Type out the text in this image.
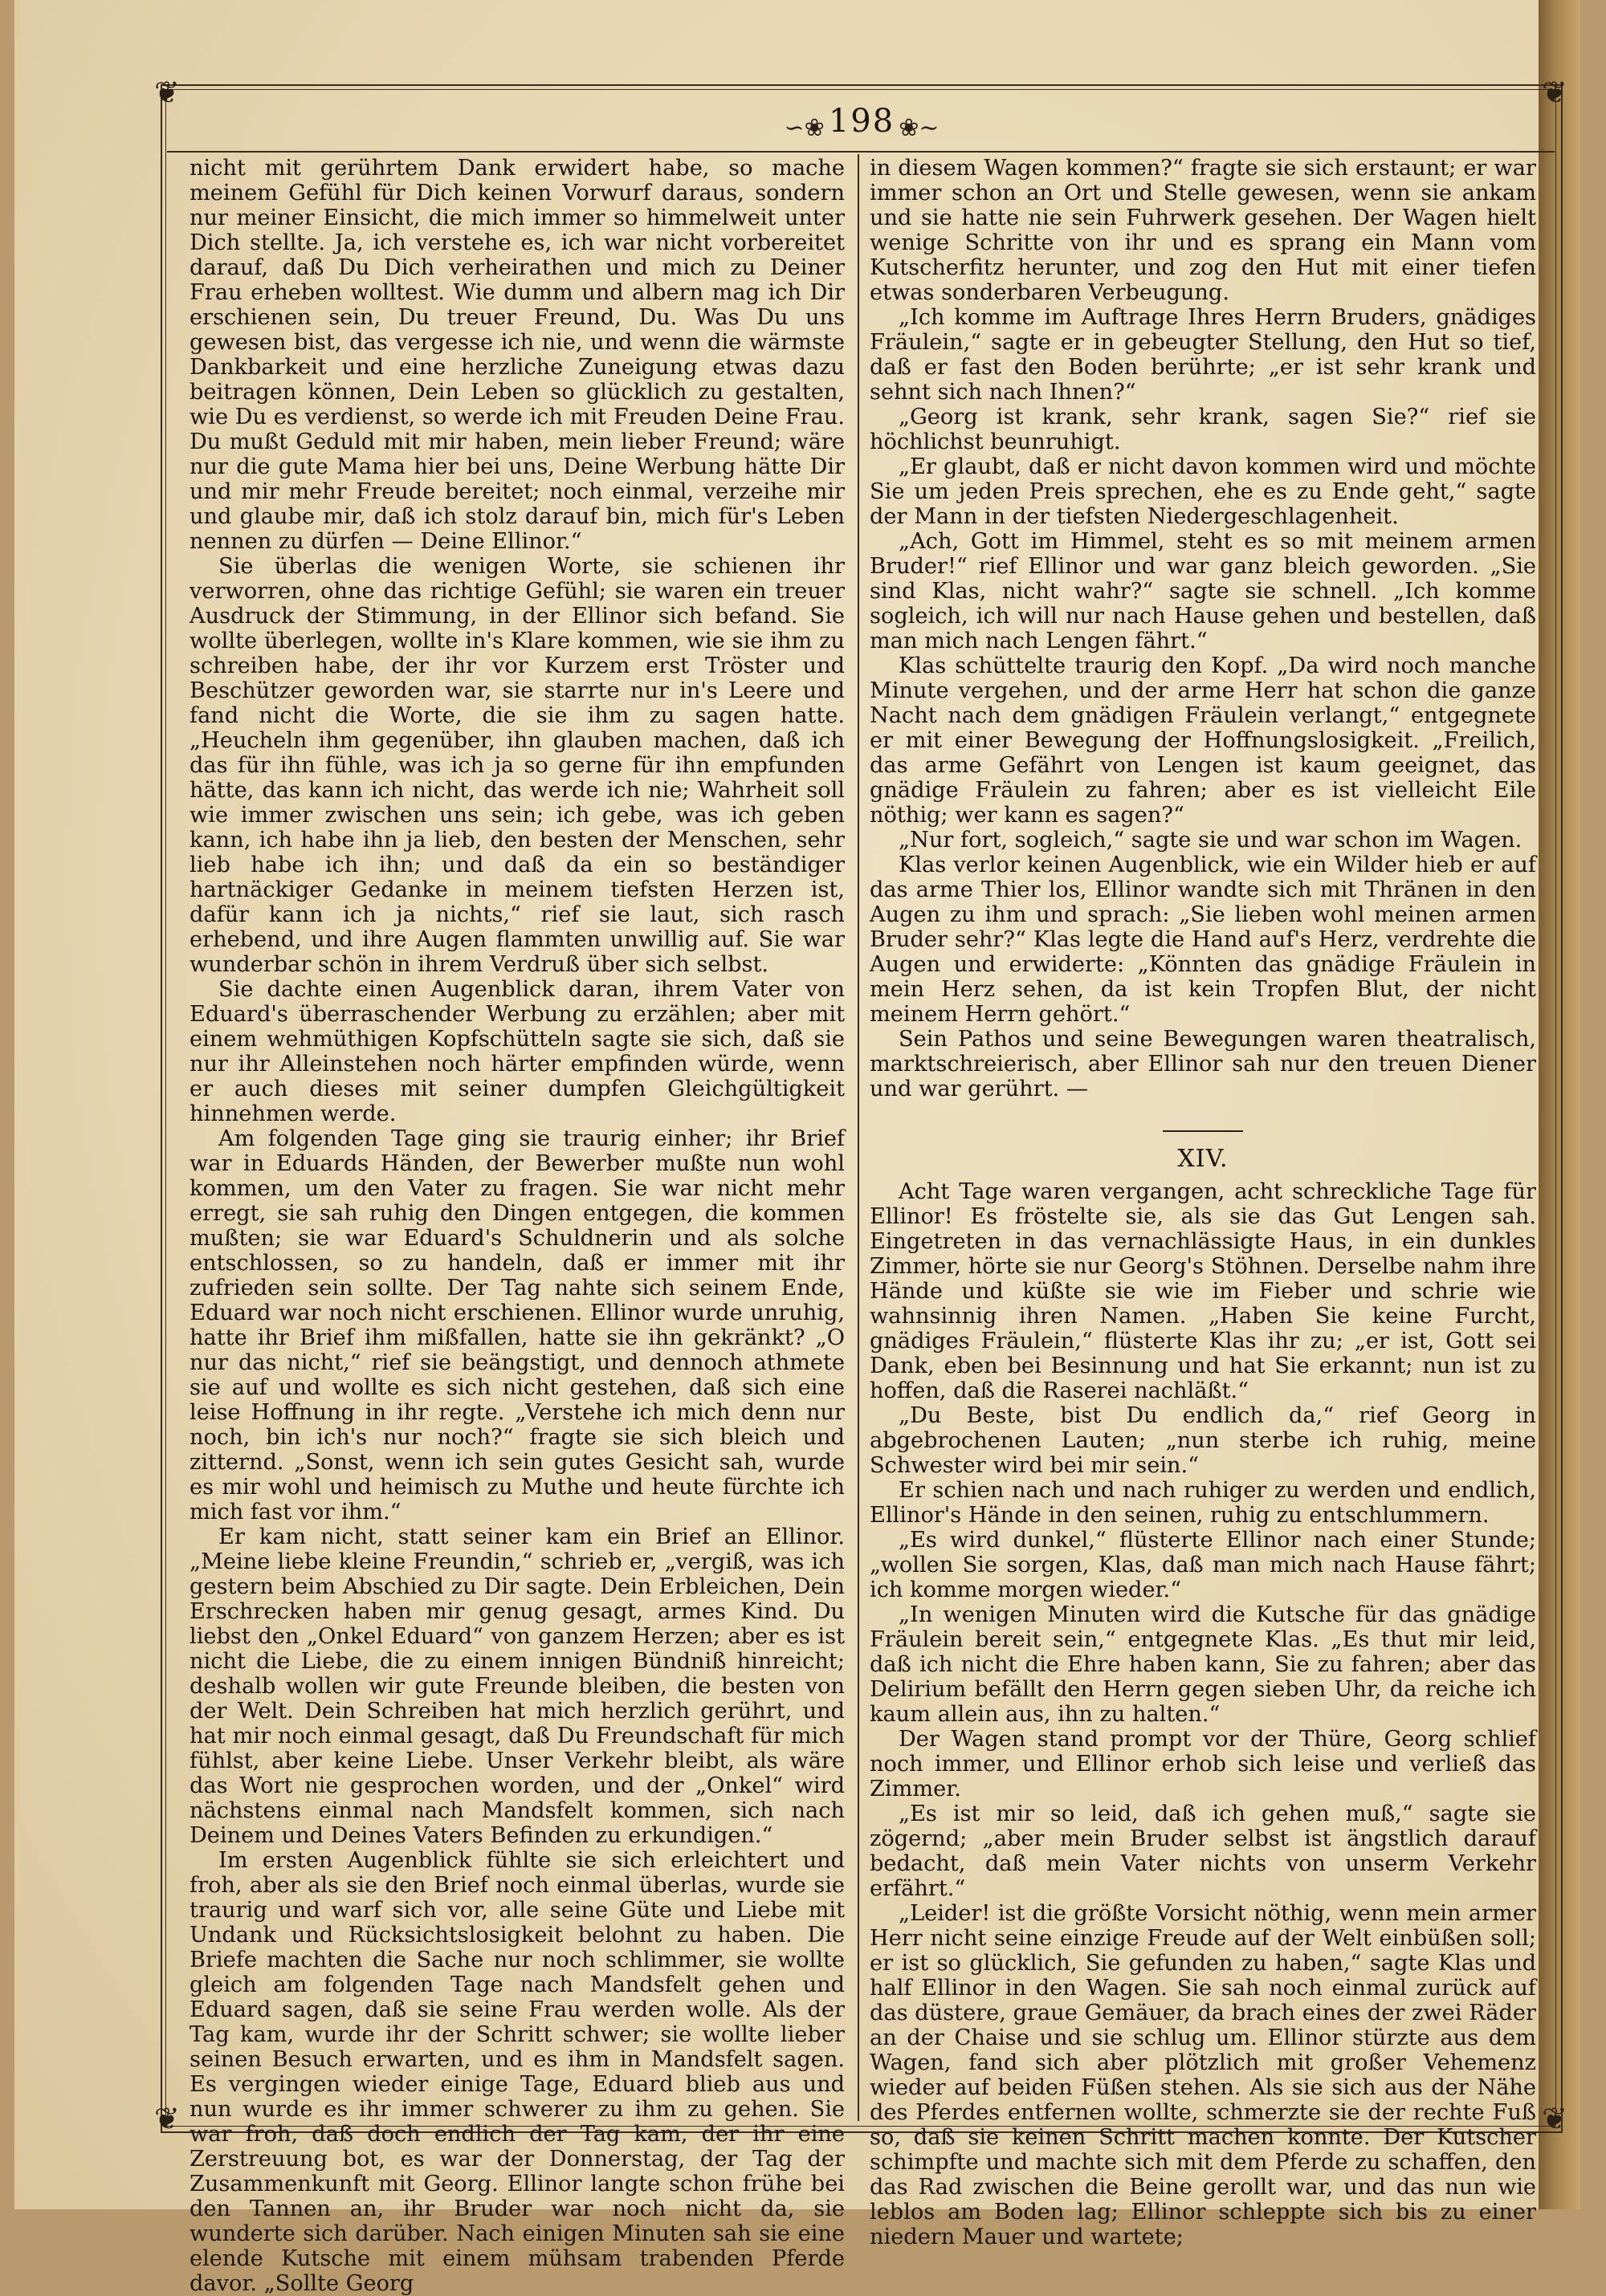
❦	❦
❦	❦
∽❀ 198 ❀∼

nicht mit gerührtem Dank erwidert habe, so mache meinem Gefühl für Dich keinen Vorwurf daraus, sondern nur meiner Einsicht, die mich immer so himmelweit unter Dich stellte. Ja, ich verstehe es, ich war nicht vorbereitet darauf, daß Du Dich verheirathen und mich zu Deiner Frau erheben wolltest. Wie dumm und albern mag ich Dir erschienen sein, Du treuer Freund, Du. Was Du uns gewesen bist, das vergesse ich nie, und wenn die wärmste Dankbarkeit und eine herzliche Zuneigung etwas dazu beitragen können, Dein Leben so glücklich zu gestalten, wie Du es verdienst, so werde ich mit Freuden Deine Frau. Du mußt Geduld mit mir haben, mein lieber Freund; wäre nur die gute Mama hier bei uns, Deine Werbung hätte Dir und mir mehr Freude bereitet; noch einmal, verzeihe mir und glaube mir, daß ich stolz darauf bin, mich für's Leben nennen zu dürfen — Deine Ellinor.“

Sie überlas die wenigen Worte, sie schienen ihr verworren, ohne das richtige Gefühl; sie waren ein treuer Ausdruck der Stimmung, in der Ellinor sich befand. Sie wollte überlegen, wollte in's Klare kommen, wie sie ihm zu schreiben habe, der ihr vor Kurzem erst Tröster und Beschützer geworden war, sie starrte nur in's Leere und fand nicht die Worte, die sie ihm zu sagen hatte. „Heucheln ihm gegenüber, ihn glauben machen, daß ich das für ihn fühle, was ich ja so gerne für ihn empfunden hätte, das kann ich nicht, das werde ich nie; Wahrheit soll wie immer zwischen uns sein; ich gebe, was ich geben kann, ich habe ihn ja lieb, den besten der Menschen, sehr lieb habe ich ihn; und daß da ein so beständiger hartnäckiger Gedanke in meinem tiefsten Herzen ist, dafür kann ich ja nichts,“ rief sie laut, sich rasch erhebend, und ihre Augen flammten unwillig auf. Sie war wunderbar schön in ihrem Verdruß über sich selbst.

Sie dachte einen Augenblick daran, ihrem Vater von Eduard's überraschender Werbung zu erzählen; aber mit einem wehmüthigen Kopfschütteln sagte sie sich, daß sie nur ihr Alleinstehen noch härter empfinden würde, wenn er auch dieses mit seiner dumpfen Gleichgültigkeit hinnehmen werde.

Am folgenden Tage ging sie traurig einher; ihr Brief war in Eduards Händen, der Bewerber mußte nun wohl kommen, um den Vater zu fragen. Sie war nicht mehr erregt, sie sah ruhig den Dingen entgegen, die kommen mußten; sie war Eduard's Schuldnerin und als solche entschlossen, so zu handeln, daß er immer mit ihr zufrieden sein sollte. Der Tag nahte sich seinem Ende, Eduard war noch nicht erschienen. Ellinor wurde unruhig, hatte ihr Brief ihm mißfallen, hatte sie ihn gekränkt? „O nur das nicht,“ rief sie beängstigt, und dennoch athmete sie auf und wollte es sich nicht gestehen, daß sich eine leise Hoffnung in ihr regte. „Verstehe ich mich denn nur noch, bin ich's nur noch?“ fragte sie sich bleich und zitternd. „Sonst, wenn ich sein gutes Gesicht sah, wurde es mir wohl und heimisch zu Muthe und heute fürchte ich mich fast vor ihm.“

Er kam nicht, statt seiner kam ein Brief an Ellinor. „Meine liebe kleine Freundin,“ schrieb er, „vergiß, was ich gestern beim Abschied zu Dir sagte. Dein Erbleichen, Dein Erschrecken haben mir genug gesagt, armes Kind. Du liebst den „Onkel Eduard“ von ganzem Herzen; aber es ist nicht die Liebe, die zu einem innigen Bündniß hinreicht; deshalb wollen wir gute Freunde bleiben, die besten von der Welt. Dein Schreiben hat mich herzlich gerührt, und hat mir noch einmal gesagt, daß Du Freundschaft für mich fühlst, aber keine Liebe. Unser Verkehr bleibt, als wäre das Wort nie gesprochen worden, und der „Onkel“ wird nächstens einmal nach Mandsfelt kommen, sich nach Deinem und Deines Vaters Befinden zu erkundigen.“

Im ersten Augenblick fühlte sie sich erleichtert und froh, aber als sie den Brief noch einmal überlas, wurde sie traurig und warf sich vor, alle seine Güte und Liebe mit Undank und Rücksichtslosigkeit belohnt zu haben. Die Briefe machten die Sache nur noch schlimmer, sie wollte gleich am folgenden Tage nach Mandsfelt gehen und Eduard sagen, daß sie seine Frau werden wolle. Als der Tag kam, wurde ihr der Schritt schwer; sie wollte lieber seinen Besuch erwarten, und es ihm in Mandsfelt sagen. Es vergingen wieder einige Tage, Eduard blieb aus und nun wurde es ihr immer schwerer zu ihm zu gehen. Sie war froh, daß doch endlich der Tag kam, der ihr eine Zerstreuung bot, es war der Donnerstag, der Tag der Zusammenkunft mit Georg. Ellinor langte schon frühe bei den Tannen an, ihr Bruder war noch nicht da, sie wunderte sich darüber. Nach einigen Minuten sah sie eine elende Kutsche mit einem mühsam trabenden Pferde davor. „Sollte Georg

in diesem Wagen kommen?“ fragte sie sich erstaunt; er war immer schon an Ort und Stelle gewesen, wenn sie ankam und sie hatte nie sein Fuhrwerk gesehen. Der Wagen hielt wenige Schritte von ihr und es sprang ein Mann vom Kutscherfitz herunter, und zog den Hut mit einer tiefen etwas sonderbaren Verbeugung.

„Ich komme im Auftrage Ihres Herrn Bruders, gnädiges Fräulein,“ sagte er in gebeugter Stellung, den Hut so tief, daß er fast den Boden berührte; „er ist sehr krank und sehnt sich nach Ihnen?“

„Georg ist krank, sehr krank, sagen Sie?“ rief sie höchlichst beunruhigt.

„Er glaubt, daß er nicht davon kommen wird und möchte Sie um jeden Preis sprechen, ehe es zu Ende geht,“ sagte der Mann in der tiefsten Niedergeschlagenheit.

„Ach, Gott im Himmel, steht es so mit meinem armen Bruder!“ rief Ellinor und war ganz bleich geworden. „Sie sind Klas, nicht wahr?“ sagte sie schnell. „Ich komme sogleich, ich will nur nach Hause gehen und bestellen, daß man mich nach Lengen fährt.“

Klas schüttelte traurig den Kopf. „Da wird noch manche Minute vergehen, und der arme Herr hat schon die ganze Nacht nach dem gnädigen Fräulein verlangt,“ entgegnete er mit einer Bewegung der Hoffnungslosigkeit. „Freilich, das arme Gefährt von Lengen ist kaum geeignet, das gnädige Fräulein zu fahren; aber es ist vielleicht Eile nöthig; wer kann es sagen?“

„Nur fort, sogleich,“ sagte sie und war schon im Wagen.

Klas verlor keinen Augenblick, wie ein Wilder hieb er auf das arme Thier los, Ellinor wandte sich mit Thränen in den Augen zu ihm und sprach: „Sie lieben wohl meinen armen Bruder sehr?“ Klas legte die Hand auf's Herz, verdrehte die Augen und erwiderte: „Könnten das gnädige Fräulein in mein Herz sehen, da ist kein Tropfen Blut, der nicht meinem Herrn gehört.“

Sein Pathos und seine Bewegungen waren theatralisch, marktschreierisch, aber Ellinor sah nur den treuen Diener und war gerührt. —

XIV.

Acht Tage waren vergangen, acht schreckliche Tage für Ellinor! Es fröstelte sie, als sie das Gut Lengen sah. Eingetreten in das vernachlässigte Haus, in ein dunkles Zimmer, hörte sie nur Georg's Stöhnen. Derselbe nahm ihre Hände und küßte sie wie im Fieber und schrie wie wahnsinnig ihren Namen. „Haben Sie keine Furcht, gnädiges Fräulein,“ flüsterte Klas ihr zu; „er ist, Gott sei Dank, eben bei Besinnung und hat Sie erkannt; nun ist zu hoffen, daß die Raserei nachläßt.“

„Du Beste, bist Du endlich da,“ rief Georg in abgebrochenen Lauten; „nun sterbe ich ruhig, meine Schwester wird bei mir sein.“

Er schien nach und nach ruhiger zu werden und endlich, Ellinor's Hände in den seinen, ruhig zu entschlummern.

„Es wird dunkel,“ flüsterte Ellinor nach einer Stunde; „wollen Sie sorgen, Klas, daß man mich nach Hause fährt; ich komme morgen wieder.“

„In wenigen Minuten wird die Kutsche für das gnädige Fräulein bereit sein,“ entgegnete Klas. „Es thut mir leid, daß ich nicht die Ehre haben kann, Sie zu fahren; aber das Delirium befällt den Herrn gegen sieben Uhr, da reiche ich kaum allein aus, ihn zu halten.“

Der Wagen stand prompt vor der Thüre, Georg schlief noch immer, und Ellinor erhob sich leise und verließ das Zimmer.

„Es ist mir so leid, daß ich gehen muß,“ sagte sie zögernd; „aber mein Bruder selbst ist ängstlich darauf bedacht, daß mein Vater nichts von unserm Verkehr erfährt.“

„Leider! ist die größte Vorsicht nöthig, wenn mein armer Herr nicht seine einzige Freude auf der Welt einbüßen soll; er ist so glücklich, Sie gefunden zu haben,“ sagte Klas und half Ellinor in den Wagen. Sie sah noch einmal zurück auf das düstere, graue Gemäuer, da brach eines der zwei Räder an der Chaise und sie schlug um. Ellinor stürzte aus dem Wagen, fand sich aber plötzlich mit großer Vehemenz wieder auf beiden Füßen stehen. Als sie sich aus der Nähe des Pferdes entfernen wollte, schmerzte sie der rechte Fuß so, daß sie keinen Schritt machen konnte. Der Kutscher schimpfte und machte sich mit dem Pferde zu schaffen, den das Rad zwischen die Beine gerollt war, und das nun wie leblos am Boden lag; Ellinor schleppte sich bis zu einer niedern Mauer und wartete;
